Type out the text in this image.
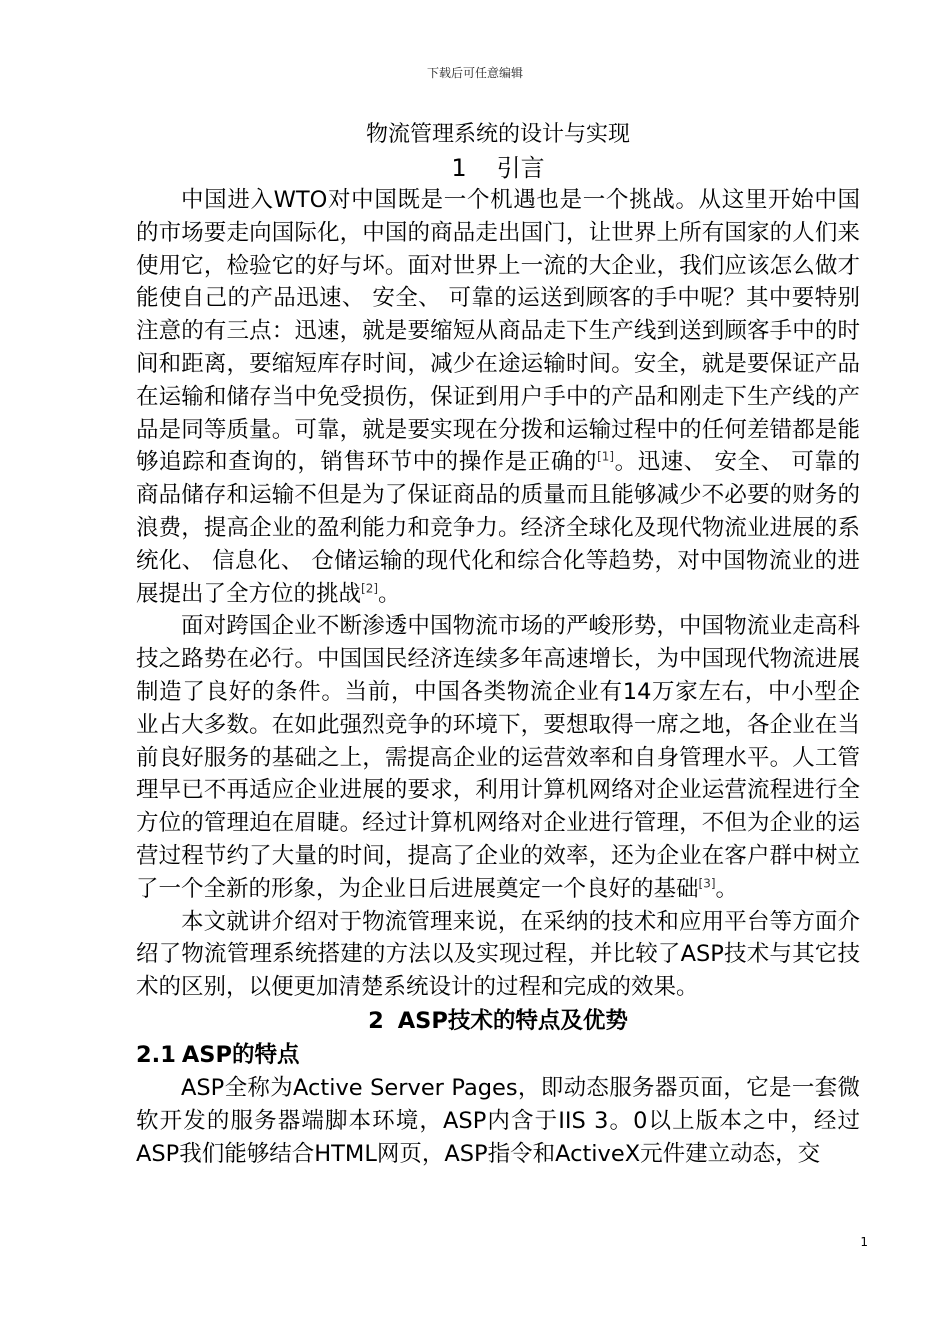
下载后可任意编辑

物流管理系统的设计与实现

1 引言

中国进入WTO对中国既是一个机遇也是一个挑战。从这里开始中国的市场要走向国际化，中国的商品走出国门，让世界上所有国家的人们来使用它，检验它的好与坏。面对世界上一流的大企业，我们应该怎么做才能使自己的产品迅速、 安全、 可靠的运送到顾客的手中呢？其中要特别注意的有三点：迅速，就是要缩短从商品走下生产线到送到顾客手中的时间和距离，要缩短库存时间，减少在途运输时间。安全，就是要保证产品在运输和储存当中免受损伤，保证到用户手中的产品和刚走下生产线的产品是同等质量。可靠，就是要实现在分拨和运输过程中的任何差错都是能够追踪和查询的，销售环节中的操作是正确的[1]。迅速、 安全、 可靠的商品储存和运输不但是为了保证商品的质量而且能够减少不必要的财务的浪费，提高企业的盈利能力和竞争力。经济全球化及现代物流业进展的系统化、 信息化、 仓储运输的现代化和综合化等趋势，对中国物流业的进展提出了全方位的挑战[2]。

面对跨国企业不断渗透中国物流市场的严峻形势，中国物流业走高科技之路势在必行。中国国民经济连续多年高速增长，为中国现代物流进展制造了良好的条件。当前，中国各类物流企业有14万家左右，中小型企业占大多数。在如此强烈竞争的环境下，要想取得一席之地，各企业在当前良好服务的基础之上，需提高企业的运营效率和自身管理水平。人工管理早已不再适应企业进展的要求，利用计算机网络对企业运营流程进行全方位的管理迫在眉睫。经过计算机网络对企业进行管理，不但为企业的运营过程节约了大量的时间，提高了企业的效率，还为企业在客户群中树立了一个全新的形象，为企业日后进展奠定一个良好的基础[3]。

本文就讲介绍对于物流管理来说，在采纳的技术和应用平台等方面介绍了物流管理系统搭建的方法以及实现过程，并比较了ASP技术与其它技术的区别，以便更加清楚系统设计的过程和完成的效果。

2 ASP技术的特点及优势

2.1 ASP的特点

ASP全称为Active Server Pages，即动态服务器页面，它是一套微软开发的服务器端脚本环境，ASP内含于IIS 3。0以上版本之中，经过ASP我们能够结合HTML网页，ASP指令和ActiveX元件建立动态，交

1
